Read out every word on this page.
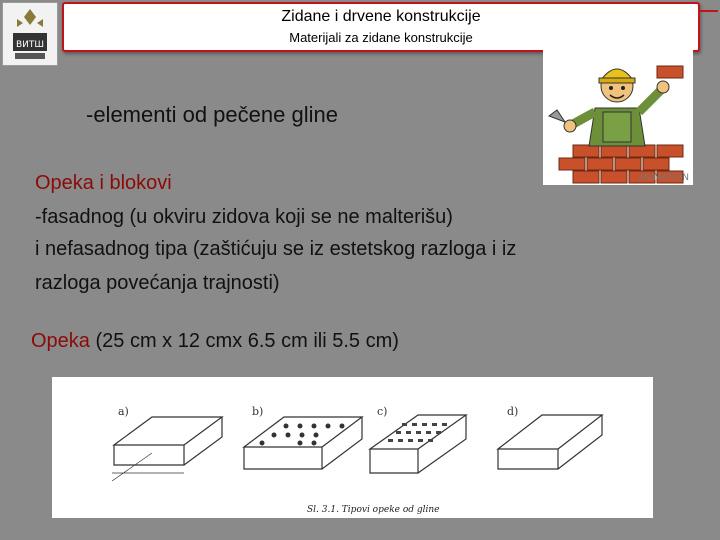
ВИТШ
Zidane i drvene konstrukcije
Materijali za zidane konstrukcije
ANIMATION
-elementi od pečene gline
Opeka i blokovi
-fasadnog (u okviru zidova koji se ne malterišu)
i nefasadnog tipa (zaštićuju se iz estetskog razloga i iz
razloga povećanja trajnosti)
Opeka (25 cm x 12 cmx 6.5 cm ili 5.5 cm)
a)	b)	c)	d)
Sl. 3.1. Tipovi opeke od gline
